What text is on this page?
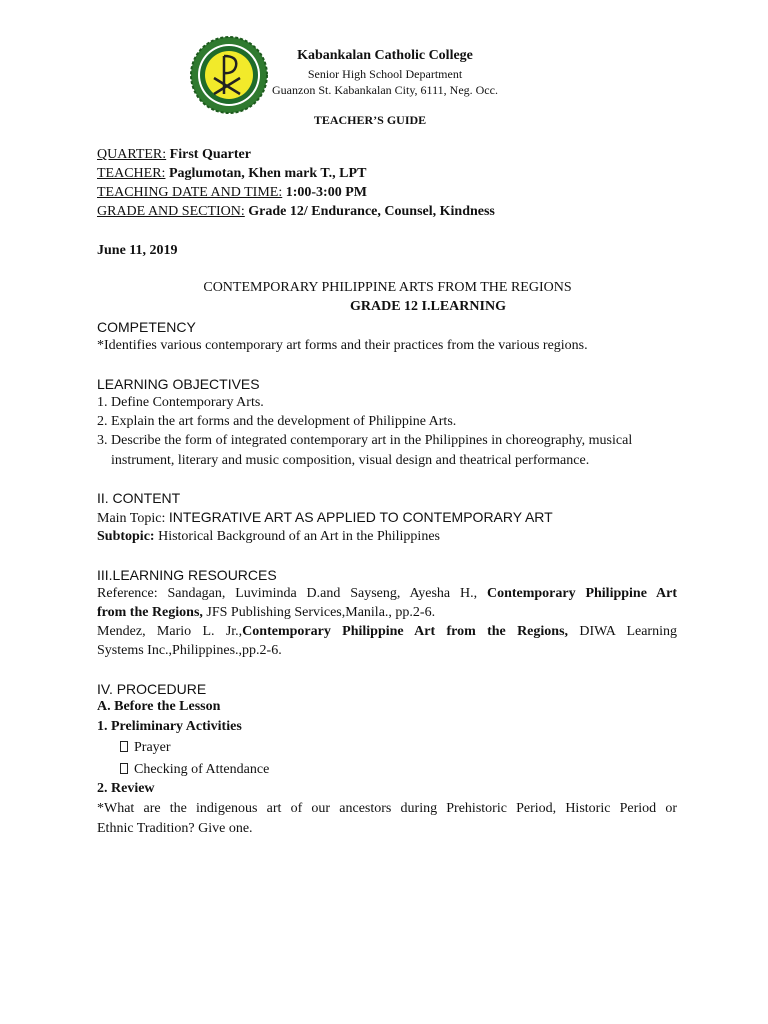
Kabankalan Catholic College
Senior High School Department
Guanzon St. Kabankalan City, 6111, Neg. Occ.
TEACHER’S GUIDE
QUARTER: First Quarter
TEACHER: Paglumotan, Khen mark T., LPT
TEACHING DATE AND TIME: 1:00-3:00 PM
GRADE AND SECTION: Grade 12/ Endurance, Counsel, Kindness
June 11, 2019
CONTEMPORARY PHILIPPINE ARTS FROM THE REGIONS
GRADE 12 I.LEARNING
COMPETENCY
*Identifies various contemporary art forms and their practices from the various regions.
LEARNING OBJECTIVES
1. Define Contemporary Arts.
2. Explain the art forms and the development of Philippine Arts.
3. Describe the form of integrated contemporary art in the Philippines in choreography, musical
instrument, literary and music composition, visual design and theatrical performance.
II. CONTENT
Main Topic: INTEGRATIVE ART AS APPLIED TO CONTEMPORARY ART
Subtopic: Historical Background of an Art in the Philippines
III.LEARNING RESOURCES
Reference: Sandagan, Luviminda D.and Sayseng, Ayesha H., Contemporary Philippine Art
from the Regions, JFS Publishing Services,Manila., pp.2-6.
Mendez, Mario L. Jr.,Contemporary Philippine Art from the Regions, DIWA Learning
Systems Inc.,Philippines.,pp.2-6.
IV. PROCEDURE
A. Before the Lesson
1. Preliminary Activities
Prayer
Checking of Attendance
2. Review
*What are the indigenous art of our ancestors during Prehistoric Period, Historic Period or
Ethnic Tradition? Give one.
